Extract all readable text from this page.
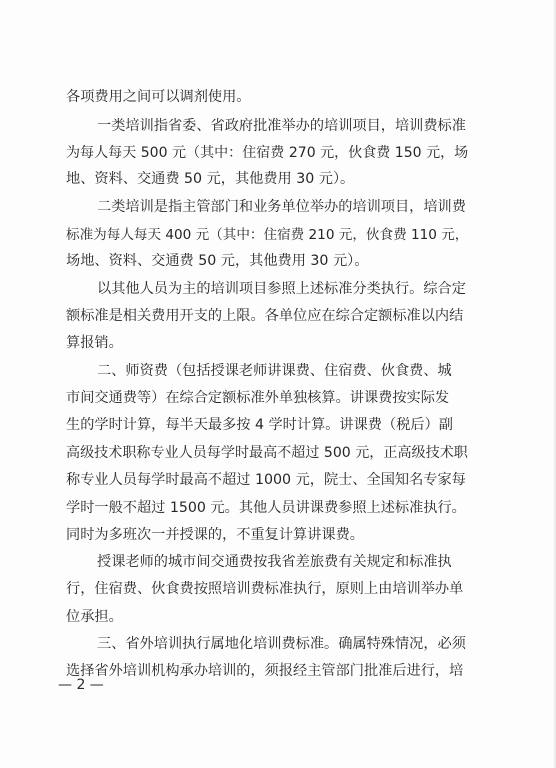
各项费用之间可以调剂使用。
一类培训指省委、省政府批准举办的培训项目，培训费标准
为每人每天 500 元（其中：住宿费 270 元，伙食费 150 元，场
地、资料、交通费 50 元，其他费用 30 元）。
二类培训是指主管部门和业务单位举办的培训项目，培训费
标准为每人每天 400 元（其中：住宿费 210 元，伙食费 110 元，
场地、资料、交通费 50 元，其他费用 30 元）。
以其他人员为主的培训项目参照上述标准分类执行。综合定
额标准是相关费用开支的上限。各单位应在综合定额标准以内结
算报销。
二、师资费（包括授课老师讲课费、住宿费、伙食费、城
市间交通费等）在综合定额标准外单独核算。讲课费按实际发
生的学时计算，每半天最多按 4 学时计算。讲课费（税后）副
高级技术职称专业人员每学时最高不超过 500 元，正高级技术职
称专业人员每学时最高不超过 1000 元，院士、全国知名专家每
学时一般不超过 1500 元。其他人员讲课费参照上述标准执行。
同时为多班次一并授课的，不重复计算讲课费。
授课老师的城市间交通费按我省差旅费有关规定和标准执
行，住宿费、伙食费按照培训费标准执行，原则上由培训举办单
位承担。
三、省外培训执行属地化培训费标准。确属特殊情况，必须
选择省外培训机构承办培训的，须报经主管部门批准后进行，培
— 2 —
